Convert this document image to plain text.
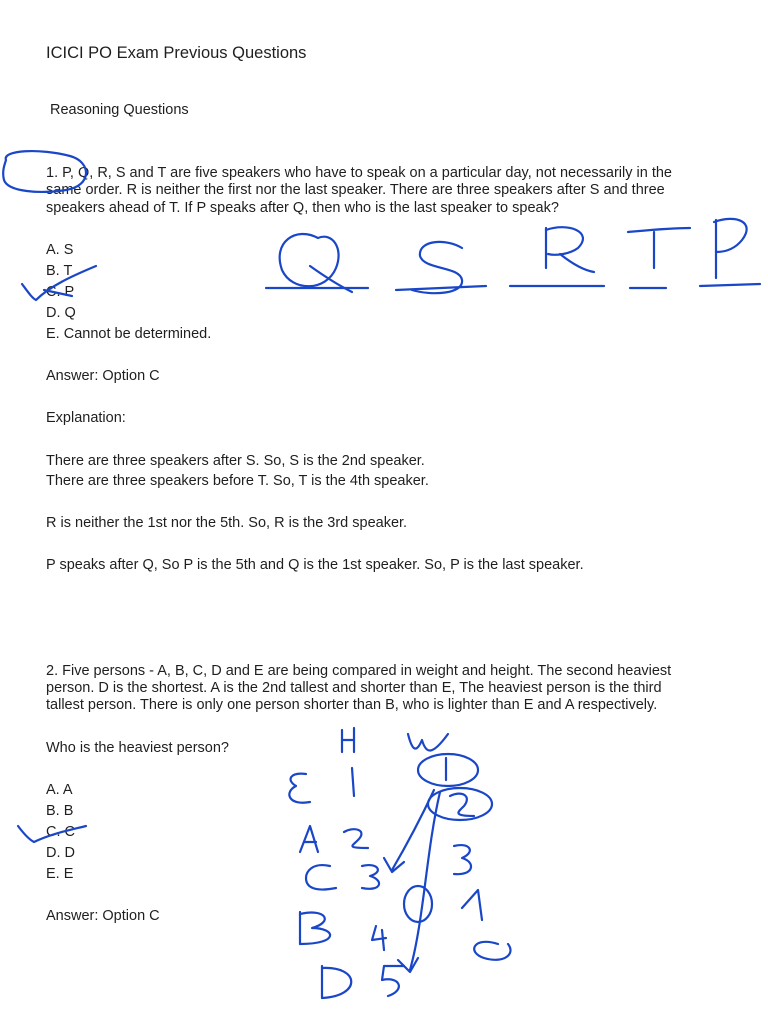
ICICI PO Exam Previous Questions
Reasoning Questions

1. P, Q, R, S and T are five speakers who have to speak on a particular day, not necessarily in the

same order. R is neither the first nor the last speaker. There are three speakers after S and three

speakers ahead of T. If P speaks after Q, then who is the last speaker to speak?

A. S

B. T

C. P

D. Q

E. Cannot be determined.

Answer: Option C

Explanation:

There are three speakers after S. So, S is the 2nd speaker.

There are three speakers before T. So, T is the 4th speaker.

R is neither the 1st nor the 5th. So, R is the 3rd speaker.

P speaks after Q, So P is the 5th and Q is the 1st speaker. So, P is the last speaker.

2. Five persons - A, B, C, D and E are being compared in weight and height. The second heaviest

person. D is the shortest. A is the 2nd tallest and shorter than E, The heaviest person is the third

tallest person. There is only one person shorter than B, who is lighter than E and A respectively.

Who is the heaviest person?

A. A

B. B

C. C

D. D

E. E

Answer: Option C
